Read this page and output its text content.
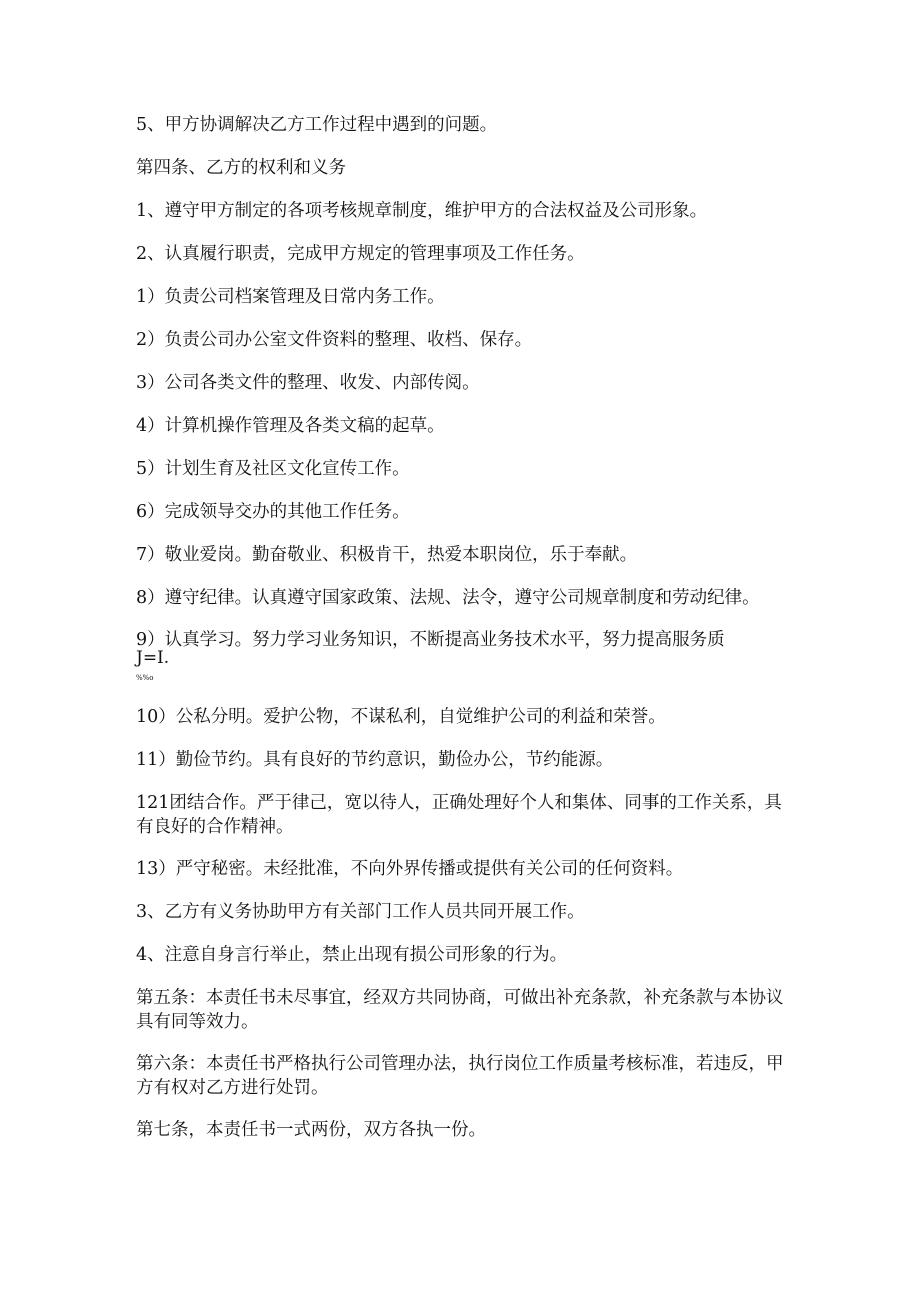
5、甲方协调解决乙方工作过程中遇到的问题。

第四条、乙方的权利和义务

1、遵守甲方制定的各项考核规章制度，维护甲方的合法权益及公司形象。

2、认真履行职责，完成甲方规定的管理事项及工作任务。

1）负责公司档案管理及日常内务工作。

2）负责公司办公室文件资料的整理、收档、保存。

3）公司各类文件的整理、收发、内部传阅。

4）计算机操作管理及各类文稿的起草。

5）计划生育及社区文化宣传工作。

6）完成领导交办的其他工作任务。

7）敬业爱岗。勤奋敬业、积极肯干，热爱本职岗位，乐于奉献。

8）遵守纪律。认真遵守国家政策、法规、法令，遵守公司规章制度和劳动纪律。

9）认真学习。努力学习业务知识，不断提高业务技术水平，努力提高服务质
J=I.
%%o

10）公私分明。爱护公物，不谋私利，自觉维护公司的利益和荣誉。

11）勤俭节约。具有良好的节约意识，勤俭办公，节约能源。

121团结合作。严于律己，宽以待人，正确处理好个人和集体、同事的工作关系，具有良好的合作精神。

13）严守秘密。未经批准，不向外界传播或提供有关公司的任何资料。

3、乙方有义务协助甲方有关部门工作人员共同开展工作。

4、注意自身言行举止，禁止出现有损公司形象的行为。

第五条：本责任书未尽事宜，经双方共同协商，可做出补充条款，补充条款与本协议具有同等效力。

第六条：本责任书严格执行公司管理办法，执行岗位工作质量考核标准，若违反，甲方有权对乙方进行处罚。

第七条，本责任书一式两份，双方各执一份。
